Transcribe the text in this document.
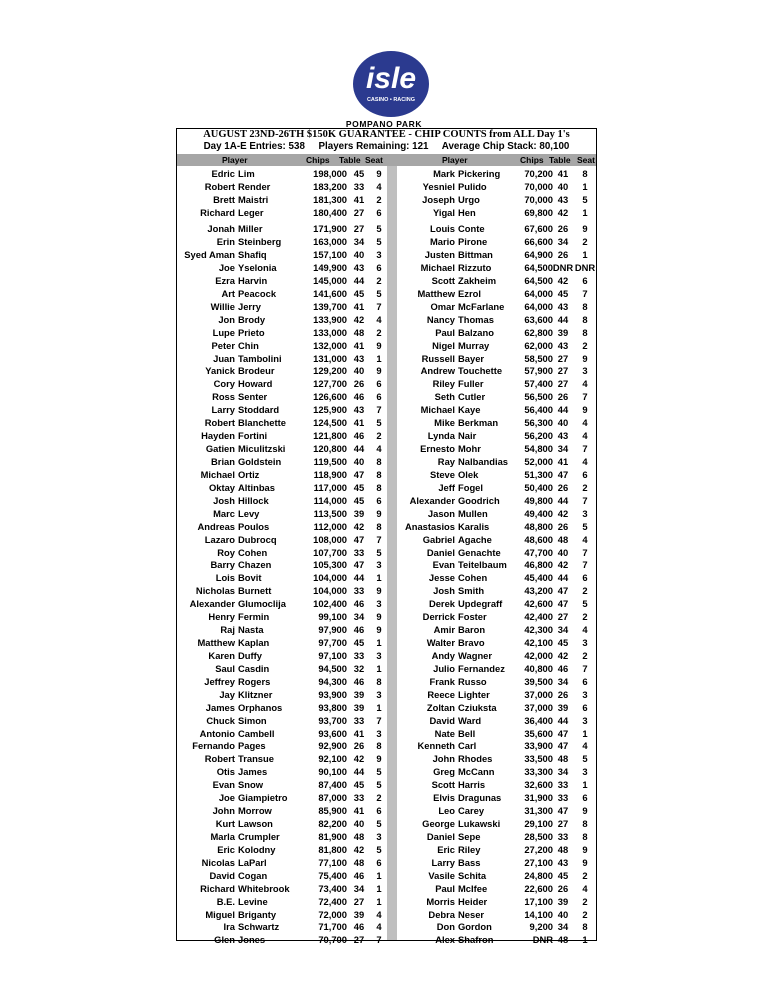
isle
CASINO • RACING
POMPANO PARK
AUGUST 23ND-26TH $150K GUARANTEE - CHIP COUNTS from ALL Day 1's
Day 1A-E Entries: 538 Players Remaining: 121 Average Chip Stack: 80,100
Player	Chips Table Seat	Player	Chips Table Seat
Edric Lim	198,000 45	9	Mark Pickering	70,200 41	8
Robert Render	183,200 33	4	Yesniel Pulido	70,000 40	1
Brett Maistri	181,300 41	2	Joseph Urgo	70,000 43	5
Richard Leger	180,400 27	6	Yigal Hen	69,800 42	1
Jonah Miller	171,900 27	5	Louis Conte	67,600 26	9
Erin Steinberg	163,000 34	5	Mario Pirone	66,600 34	2
Syed Aman Shafiq	157,100 40	3	Justen Bittman	64,900 26	1
Joe Yselonia	149,900 43	6	Michael Rizzuto	64,500 DNR DNR
Ezra Harvin	145,000 44	2	Scott Zakheim	64,500 42	6
Art Peacock	141,600 45	5	Matthew Ezrol	64,000 45	7
Willie Jerry	139,700 41	7	Omar McFarlane	64,000 43	8
Jon Brody	133,900 42	4	Nancy Thomas	63,600 44	8
Lupe Prieto	133,000 48	2	Paul Balzano	62,800 39	8
Peter Chin	132,000 41	9	Nigel Murray	62,000 43	2
Juan Tambolini	131,000 43	1	Russell Bayer	58,500 27	9
Yanick Brodeur	129,200 40	9	Andrew Touchette	57,900 27	3
Cory Howard	127,700 26	6	Riley Fuller	57,400 27	4
Ross Senter	126,600 46	6	Seth Cutler	56,500 26	7
Larry Stoddard	125,900 43	7	Michael Kaye	56,400 44	9
Robert Blanchette	124,500 41	5	Mike Berkman	56,300 40	4
Hayden Fortini	121,800 46	2	Lynda Nair	56,200 43	4
Gatien Miculitzski	120,800 44	4	Ernesto Mohr	54,800 34	7
Brian Goldstein	119,500 40	8	Ray Nalbandias	52,000 41	4
Michael Ortiz	118,900 47	8	Steve Olek	51,300 47	6
Oktay Altinbas	117,000 45	8	Jeff Fogel	50,400 26	2
Josh Hillock	114,000 45	6	Alexander Goodrich	49,800 44	7
Marc Levy	113,500 39	9	Jason Mullen	49,400 42	3
Andreas Poulos	112,000 42	8	Anastasios Karalis	48,800 26	5
Lazaro Dubrocq	108,000 47	7	Gabriel Agache	48,600 48	4
Roy Cohen	107,700 33	5	Daniel Genachte	47,700 40	7
Barry Chazen	105,300 47	3	Evan Teitelbaum	46,800 42	7
Lois Bovit	104,000 44	1	Jesse Cohen	45,400 44	6
Nicholas Burnett	104,000 33	9	Josh Smith	43,200 47	2
Alexander Glumoclija	102,400 46	3	Derek Updegraff	42,600 47	5
Henry Fermin	99,100 34	9	Derrick Foster	42,400 27	2
Raj Nasta	97,900 46	9	Amir Baron	42,300 34	4
Matthew Kaplan	97,700 45	1	Walter Bravo	42,100 45	3
Karen Duffy	97,100 33	3	Andy Wagner	42,000 42	2
Saul Casdin	94,500 32	1	Julio Fernandez	40,800 46	7
Jeffrey Rogers	94,300 46	8	Frank Russo	39,500 34	6
Jay Klitzner	93,900 39	3	Reece Lighter	37,000 26	3
James Orphanos	93,800 39	1	Zoltan Cziuksta	37,000 39	6
Chuck Simon	93,700 33	7	David Ward	36,400 44	3
Antonio Cambell	93,600 41	3	Nate Bell	35,600 47	1
Fernando Pages	92,900 26	8	Kenneth Carl	33,900 47	4
Robert Transue	92,100 42	9	John Rhodes	33,500 48	5
Otis James	90,100 44	5	Greg McCann	33,300 34	3
Evan Snow	87,400 45	5	Scott Harris	32,600 33	1
Joe Giampietro	87,000 33	2	Elvis Dragunas	31,900 33	6
John Morrow	85,900 41	6	Leo Carey	31,300 47	9
Kurt Lawson	82,200 40	5	George Lukawski	29,100 27	8
Marla Crumpler	81,900 48	3	Daniel Sepe	28,500 33	8
Eric Kolodny	81,800 42	5	Eric Riley	27,200 48	9
Nicolas LaParl	77,100 48	6	Larry Bass	27,100 43	9
David Cogan	75,400 46	1	Vasile Schita	24,800 45	2
Richard Whitebrook	73,400 34	1	Paul McIfee	22,600 26	4
B.E. Levine	72,400 27	1	Morris Heider	17,100 39	2
Miguel Briganty	72,000 39	4	Debra Neser	14,100 40	2
Ira Schwartz	71,700 46	4	Don Gordon	9,200 34	8
Glen Jones	70,700 27	7	Alex Shafron	DNR 48	1
